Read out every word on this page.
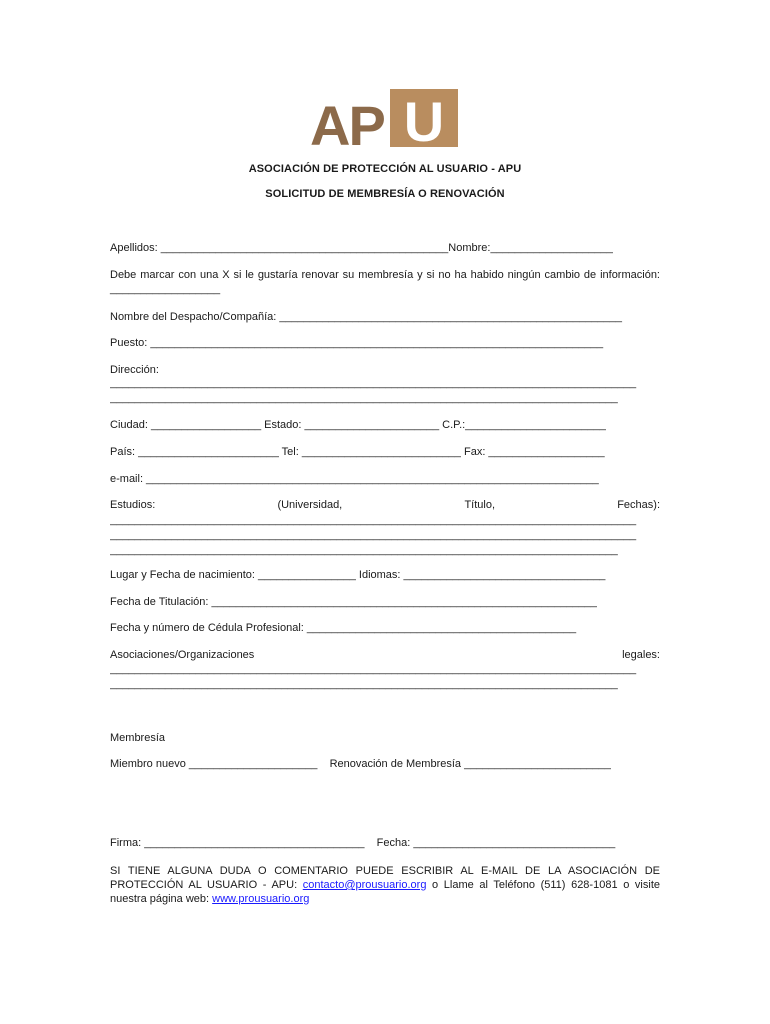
AP U
ASOCIACIÓN DE PROTECCIÓN AL USUARIO - APU
SOLICITUD DE MEMBRESÍA O RENOVACIÓN
Apellidos: _______________________________________________Nombre:____________________
Debe marcar con una X si le gustaría renovar su membresía y si no ha habido ningún cambio de información: __________________
Nombre del Despacho/Compañía: ________________________________________________________
Puesto: __________________________________________________________________________
Dirección:
______________________________________________________________________________________
___________________________________________________________________________________
Ciudad: __________________ Estado: ______________________ C.P.:_______________________
País: _______________________ Tel: __________________________ Fax: ___________________
e-mail: __________________________________________________________________________
Estudios:	(Universidad,	Título,	Fechas):
______________________________________________________________________________________
______________________________________________________________________________________
___________________________________________________________________________________
Lugar y Fecha de nacimiento: ________________ Idiomas: _________________________________
Fecha de Titulación: _______________________________________________________________
Fecha y número de Cédula Profesional: ____________________________________________
Asociaciones/Organizaciones	legales:
______________________________________________________________________________________
___________________________________________________________________________________
Membresía
Miembro nuevo _____________________    Renovación de Membresía ________________________
Firma: ____________________________________    Fecha: _________________________________
SI TIENE ALGUNA DUDA O COMENTARIO PUEDE ESCRIBIR AL E-MAIL DE LA ASOCIACIÓN DE PROTECCIÓN AL USUARIO - APU: contacto@prousuario.org o Llame al Teléfono (511) 628-1081 o visite nuestra página web: www.prousuario.org
